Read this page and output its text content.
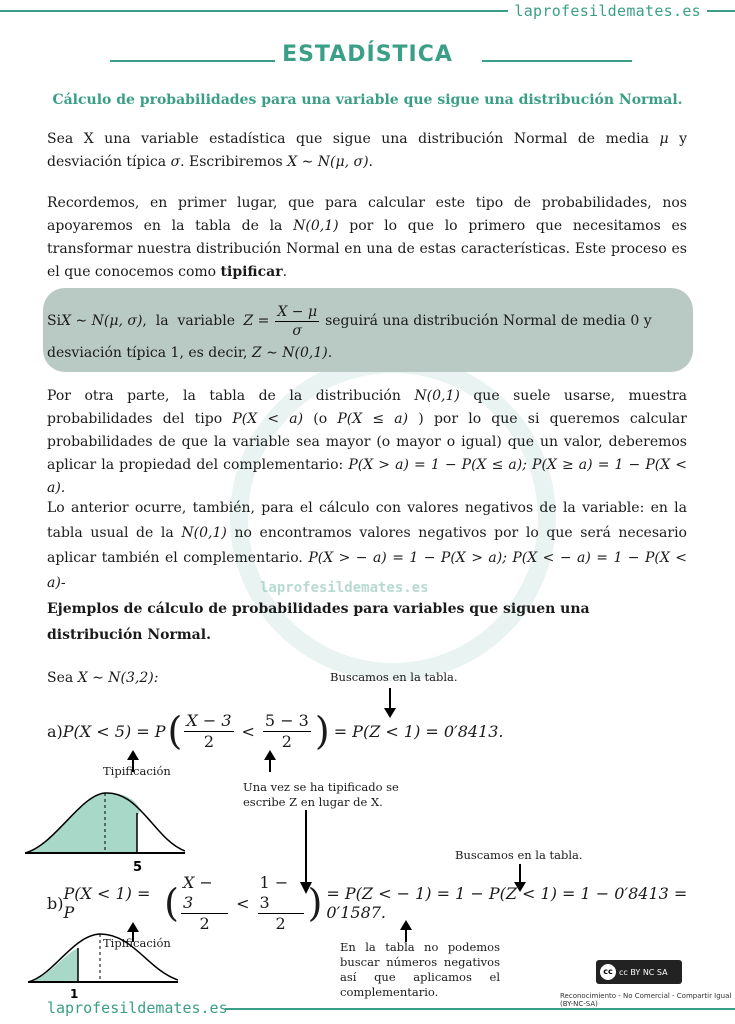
laprofesildemates.es
ESTADÍSTICA
Cálculo de probabilidades para una variable que sigue una distribución Normal.
laprofesildemates.es
Sea X una variable estadística que sigue una distribución Normal de media μ y desviación típica σ. Escribiremos X ∼ N(μ, σ).
Recordemos, en primer lugar, que para calcular este tipo de probabilidades, nos apoyaremos en la tabla de la N(0,1) por lo que lo primero que necesitamos es transformar nuestra distribución Normal en una de estas características. Este proceso es el que conocemos como tipificar.
Si X ∼ N(μ, σ) ,  la  variable $Z = \frac{X - \mu}{\sigma}$ seguirá una distribución Normal de media 0 y
desviación típica 1, es decir, Z ∼ N(0,1).
Por otra parte, la tabla de la distribución N(0,1) que suele usarse, muestra probabilidades del tipo P(X < a) (o P(X ≤ a) ) por lo que si queremos calcular probabilidades de que la variable sea mayor (o mayor o igual) que un valor, deberemos aplicar la propiedad del complementario: P(X > a) = 1 − P(X ≤ a); P(X ≥ a) = 1 − P(X < a).
Lo anterior ocurre, también, para el cálculo con valores negativos de la variable: en la tabla usual de la N(0,1) no encontramos valores negativos por lo que será necesario aplicar también el complementario. P(X > − a) = 1 − P(X > a); P(X < − a) = 1 − P(X < a)-
Ejemplos de cálculo de probabilidades para variables que siguen una distribución Normal.
Sea X ∼ N(3,2):	Buscamos en la tabla.
a) P(X < 5) = P ( X − 3
2
<
5 − 3
2 ) = P(Z < 1) = 0′8413.
Tipificación
Una vez se ha tipificado se escribe Z en lugar de X.
5
Buscamos en la tabla.
b) P(X < 1) = P	( X − 3
2
<
1 − 3
2 ) = P(Z < − 1) = 1 − P(Z < 1) = 1 − 0′8413 = 0′1587.
Tipificación	En la tabla no podemos buscar números negativos así que aplicamos el complementario.
1
laprofesildemates.es
cc cc BY NC SA
Reconocimiento - No Comercial - Compartir Igual (BY-NC-SA)
